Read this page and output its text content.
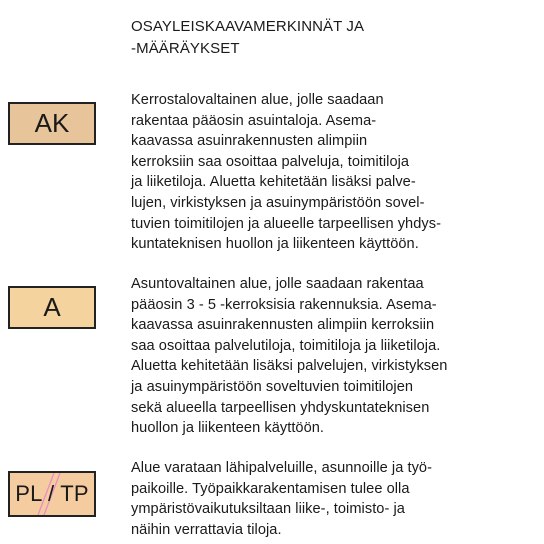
OSAYLEISKAAVAMERKINNÄT JA
-MÄÄRÄYKSET
AK
Kerrostalovaltainen alue, jolle saadaan
rakentaa pääosin asuintaloja. Asema-
kaavassa asuinrakennusten alimpiin
kerroksiin saa osoittaa palveluja, toimitiloja
ja liiketiloja. Aluetta kehitetään lisäksi palve-
lujen, virkistyksen ja asuinympäristöön sovel-
tuvien toimitilojen ja alueelle tarpeellisen yhdys-
kuntateknisen huollon ja liikenteen käyttöön.
A
Asuntovaltainen alue, jolle saadaan rakentaa
pääosin 3 - 5 -kerroksisia rakennuksia. Asema-
kaavassa asuinrakennusten alimpiin kerroksiin
saa osoittaa palvelutiloja, toimitiloja ja liiketiloja.
Aluetta kehitetään lisäksi palvelujen, virkistyksen
ja asuinympäristöön soveltuvien toimitilojen
sekä alueella tarpeellisen yhdyskuntateknisen
huollon ja liikenteen käyttöön.
PL / TP
Alue varataan lähipalveluille, asunnoille ja työ-
paikoille. Työpaikkarakentamisen tulee olla
ympäristövaikutuksiltaan liike-, toimisto- ja
näihin verrattavia tiloja.
